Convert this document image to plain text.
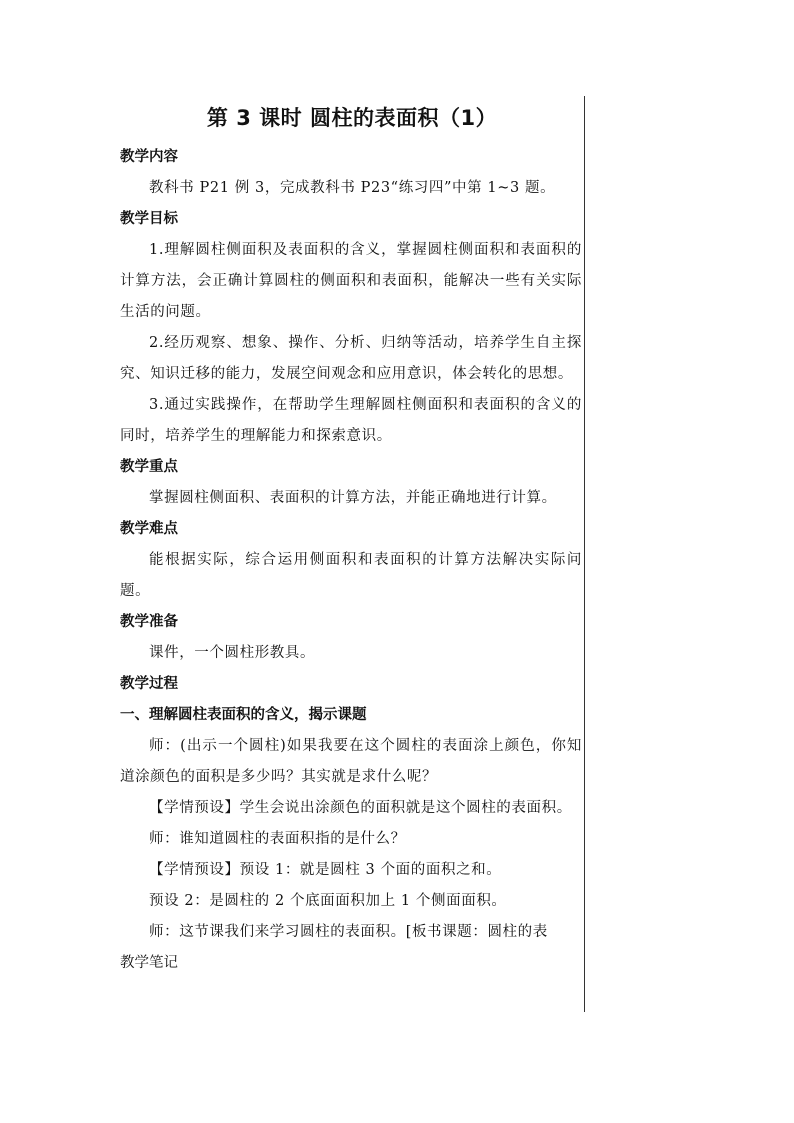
第 3 课时 圆柱的表面积（1）
教学内容
教科书 P21 例 3，完成教科书 P23“练习四”中第 1~3 题。
教学目标
1.理解圆柱侧面积及表面积的含义，掌握圆柱侧面积和表面积的计算方法，会正确计算圆柱的侧面积和表面积，能解决一些有关实际生活的问题。
2.经历观察、想象、操作、分析、归纳等活动，培养学生自主探究、知识迁移的能力，发展空间观念和应用意识，体会转化的思想。
3.通过实践操作，在帮助学生理解圆柱侧面积和表面积的含义的同时，培养学生的理解能力和探索意识。
教学重点
掌握圆柱侧面积、表面积的计算方法，并能正确地进行计算。
教学难点
能根据实际，综合运用侧面积和表面积的计算方法解决实际问题。
教学准备
课件，一个圆柱形教具。
教学过程
一、理解圆柱表面积的含义，揭示课题
师：(出示一个圆柱)如果我要在这个圆柱的表面涂上颜色，你知道涂颜色的面积是多少吗？其实就是求什么呢？
【学情预设】学生会说出涂颜色的面积就是这个圆柱的表面积。
师：谁知道圆柱的表面积指的是什么？
【学情预设】预设 1：就是圆柱 3 个面的面积之和。
预设 2：是圆柱的 2 个底面面积加上 1 个侧面面积。
师：这节课我们来学习圆柱的表面积。[板书课题：圆柱的表
教学笔记
